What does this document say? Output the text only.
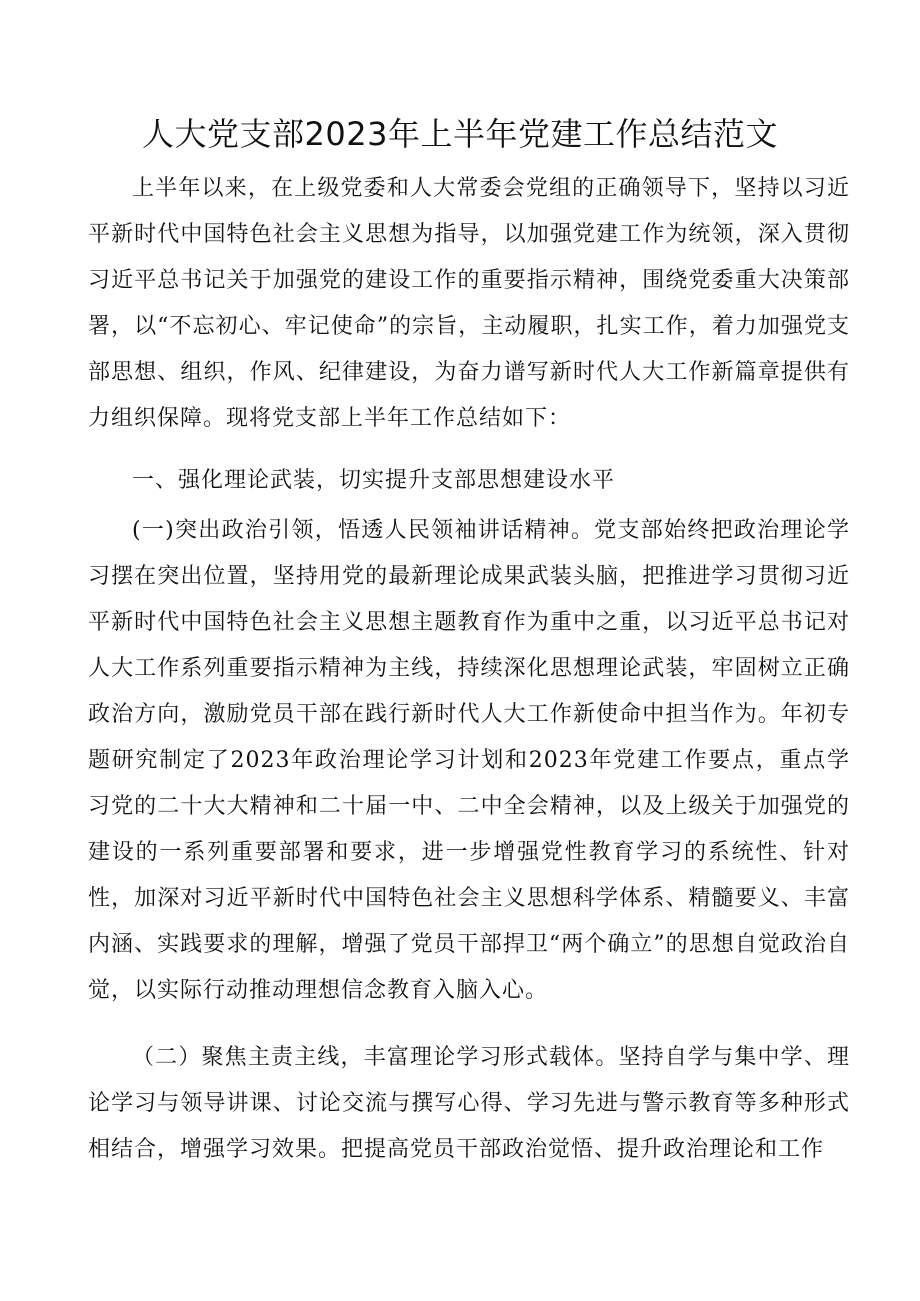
人大党支部2023年上半年党建工作总结范文

上半年以来，在上级党委和人大常委会党组的正确领导下，坚持以习近平新时代中国特色社会主义思想为指导，以加强党建工作为统领，深入贯彻习近平总书记关于加强党的建设工作的重要指示精神，围绕党委重大决策部署，以“不忘初心、牢记使命”的宗旨，主动履职，扎实工作，着力加强党支部思想、组织，作风、纪律建设，为奋力谱写新时代人大工作新篇章提供有力组织保障。现将党支部上半年工作总结如下：

一、强化理论武装，切实提升支部思想建设水平

(一)突出政治引领，悟透人民领袖讲话精神。党支部始终把政治理论学习摆在突出位置，坚持用党的最新理论成果武装头脑，把推进学习贯彻习近平新时代中国特色社会主义思想主题教育作为重中之重，以习近平总书记对人大工作系列重要指示精神为主线，持续深化思想理论武装，牢固树立正确政治方向，激励党员干部在践行新时代人大工作新使命中担当作为。年初专题研究制定了2023年政治理论学习计划和2023年党建工作要点，重点学习党的二十大大精神和二十届一中、二中全会精神，以及上级关于加强党的建设的一系列重要部署和要求，进一步增强党性教育学习的系统性、针对性，加深对习近平新时代中国特色社会主义思想科学体系、精髓要义、丰富内涵、实践要求的理解，增强了党员干部捍卫“两个确立”的思想自觉政治自觉，以实际行动推动理想信念教育入脑入心。

（二）聚焦主责主线，丰富理论学习形式载体。坚持自学与集中学、理论学习与领导讲课、讨论交流与撰写心得、学习先进与警示教育等多种形式相结合，增强学习效果。把提高党员干部政治觉悟、提升政治理论和工作
